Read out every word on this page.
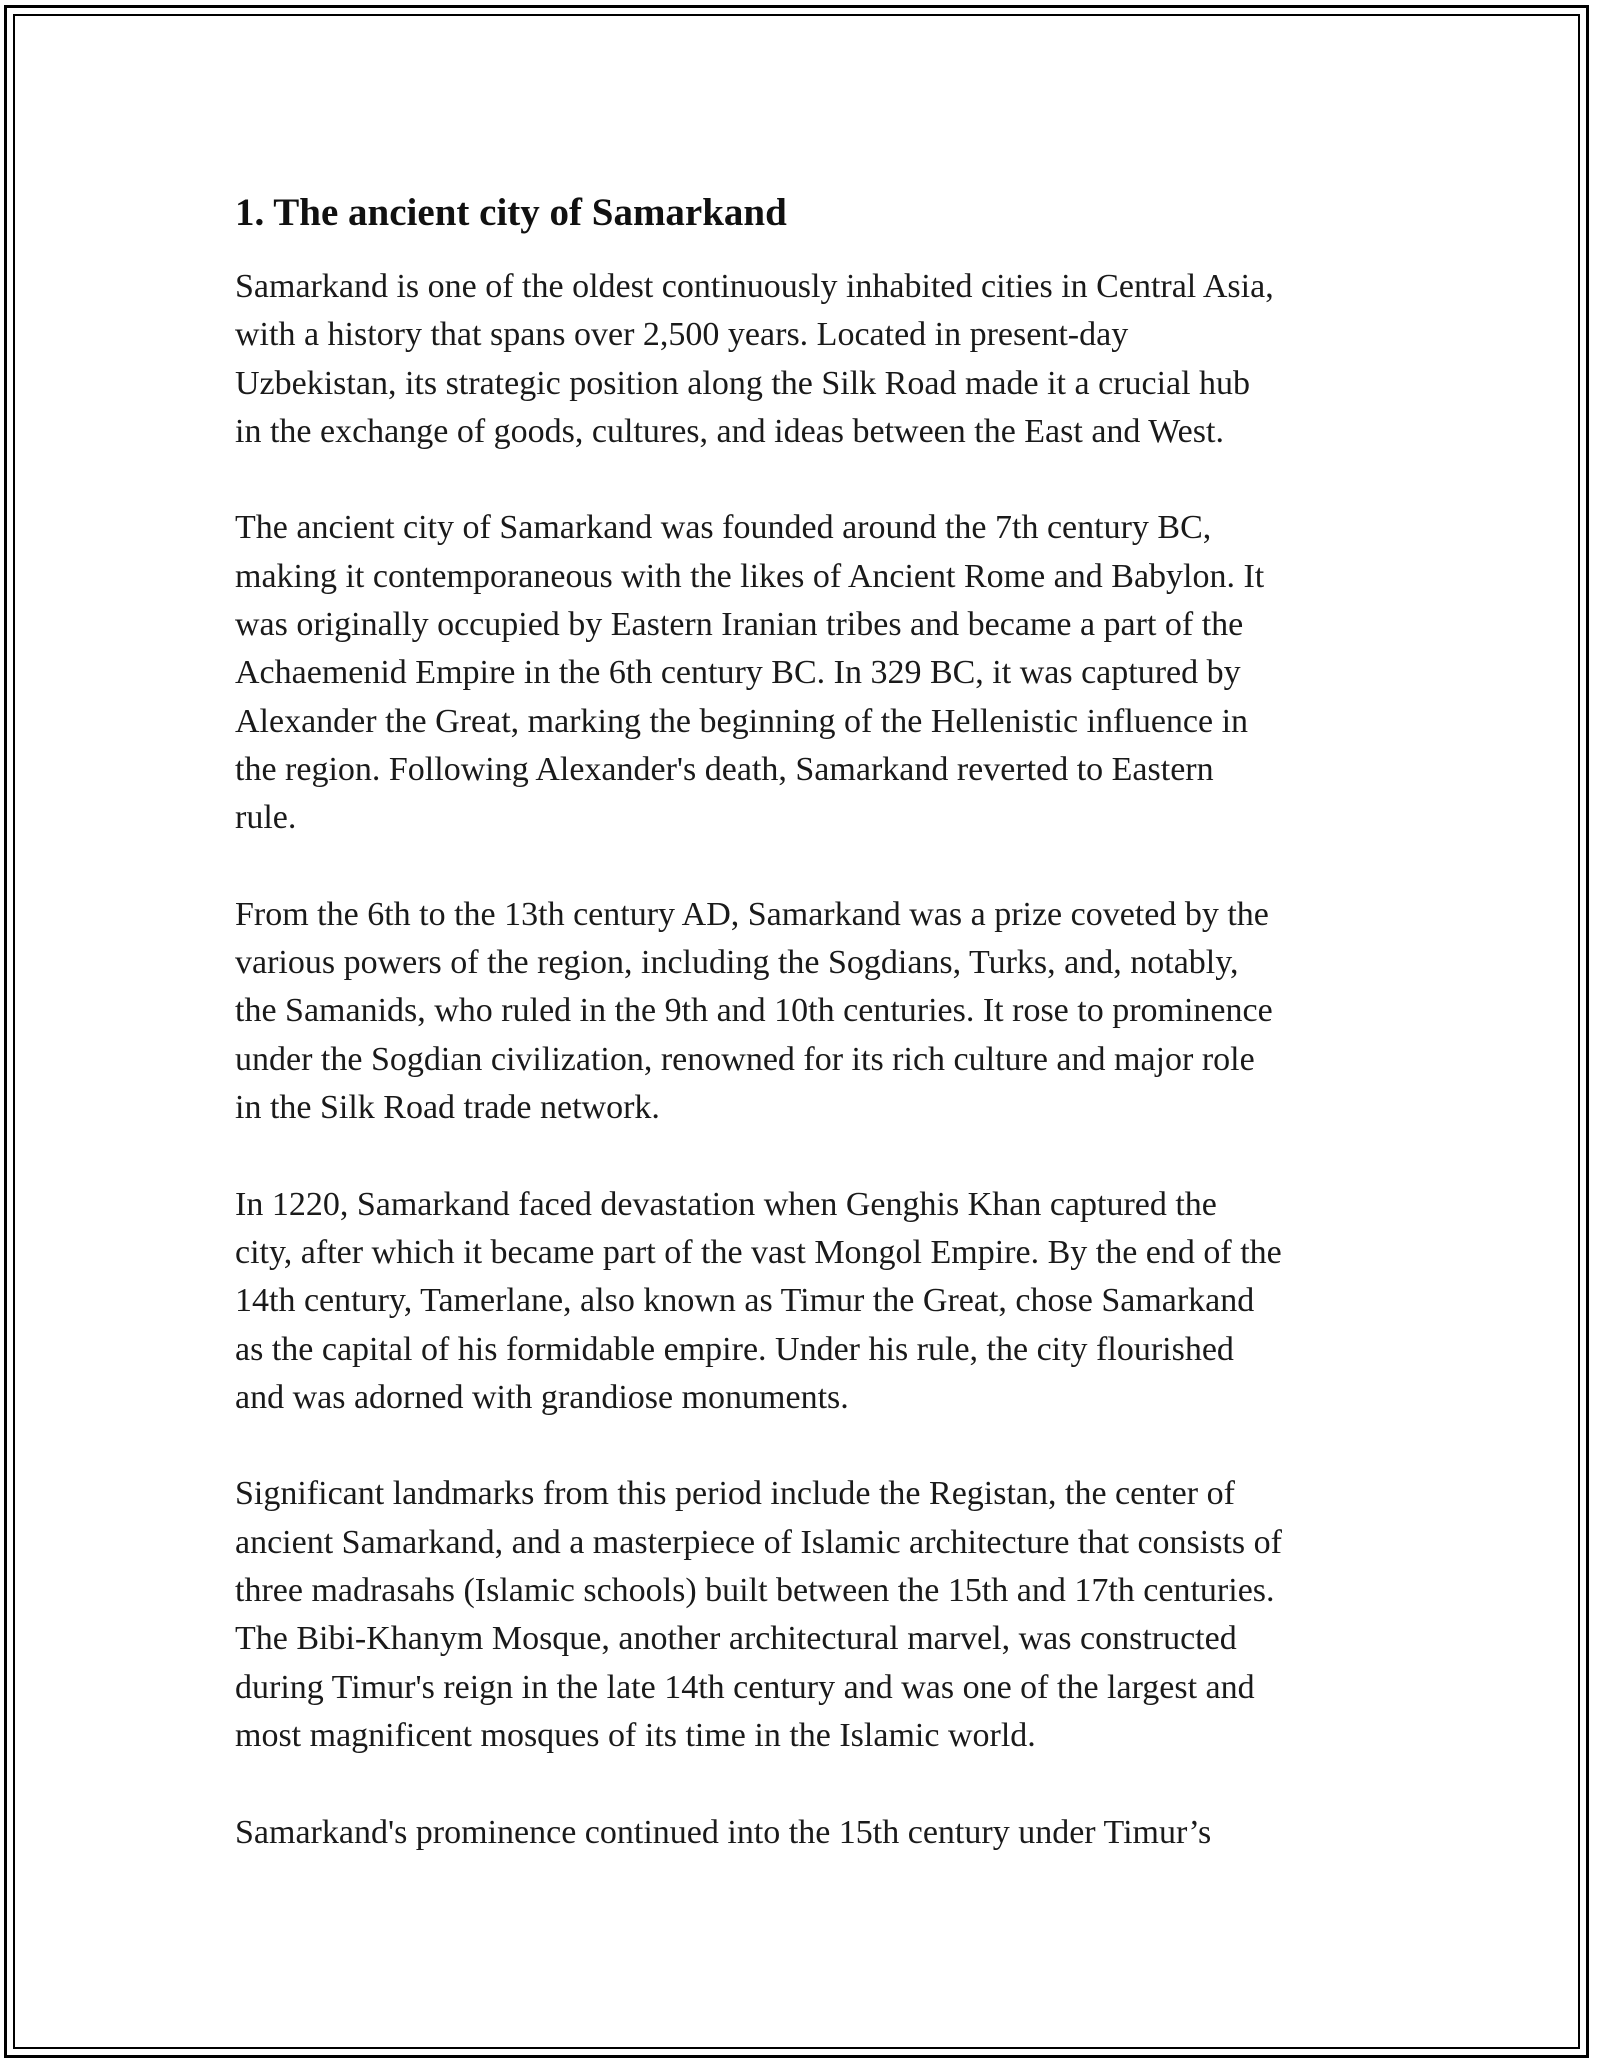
1. The ancient city of Samarkand

Samarkand is one of the oldest continuously inhabited cities in Central Asia,
with a history that spans over 2,500 years. Located in present-day
Uzbekistan, its strategic position along the Silk Road made it a crucial hub
in the exchange of goods, cultures, and ideas between the East and West.

The ancient city of Samarkand was founded around the 7th century BC,
making it contemporaneous with the likes of Ancient Rome and Babylon. It
was originally occupied by Eastern Iranian tribes and became a part of the
Achaemenid Empire in the 6th century BC. In 329 BC, it was captured by
Alexander the Great, marking the beginning of the Hellenistic influence in
the region. Following Alexander's death, Samarkand reverted to Eastern
rule.

From the 6th to the 13th century AD, Samarkand was a prize coveted by the
various powers of the region, including the Sogdians, Turks, and, notably,
the Samanids, who ruled in the 9th and 10th centuries. It rose to prominence
under the Sogdian civilization, renowned for its rich culture and major role
in the Silk Road trade network.

In 1220, Samarkand faced devastation when Genghis Khan captured the
city, after which it became part of the vast Mongol Empire. By the end of the
14th century, Tamerlane, also known as Timur the Great, chose Samarkand
as the capital of his formidable empire. Under his rule, the city flourished
and was adorned with grandiose monuments.

Significant landmarks from this period include the Registan, the center of
ancient Samarkand, and a masterpiece of Islamic architecture that consists of
three madrasahs (Islamic schools) built between the 15th and 17th centuries.
The Bibi-Khanym Mosque, another architectural marvel, was constructed
during Timur's reign in the late 14th century and was one of the largest and
most magnificent mosques of its time in the Islamic world.

Samarkand's prominence continued into the 15th century under Timur’s
